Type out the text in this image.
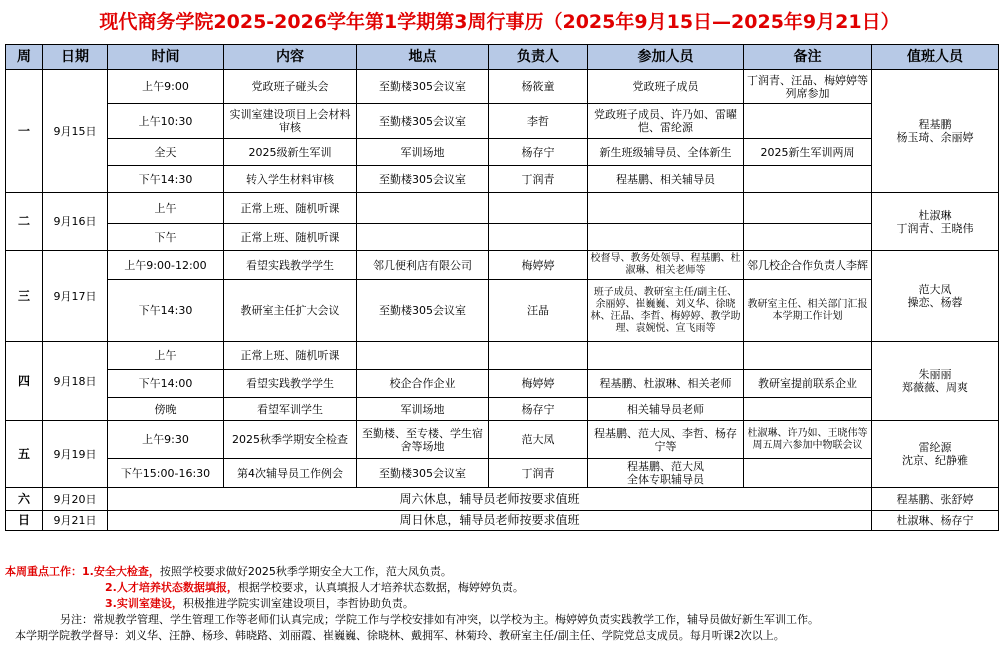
现代商务学院2025-2026学年第1学期第3周行事历（2025年9月15日—2025年9月21日）
周	日期	时间	内容	地点	负责人	参加人员	备注	值班人员
一	9月15日	上午9:00	党政班子碰头会	至勤楼305会议室	杨筱童	党政班子成员	丁润青、汪晶、梅婷婷等列席参加	程基鹏
杨玉琦、余丽婷
		上午10:30	实训室建设项目上会材料审核	至勤楼305会议室	李哲	党政班子成员、许乃如、雷曜恺、雷纶源		
		全天	2025级新生军训	军训场地	杨存宁	新生班级辅导员、全体新生	2025新生军训两周	
		下午14:30	转入学生材料审核	至勤楼305会议室	丁润青	程基鹏、相关辅导员		
二	9月16日	上午	正常上班、随机听课					杜淑琳
丁润青、王晓伟
		下午	正常上班、随机听课					
三	9月17日	上午9:00-12:00	看望实践教学学生	邻几便利店有限公司	梅婷婷	校督导、教务处领导、程基鹏、杜淑琳、相关老师等	邻几校企合作负责人李辉	范大凤
操恋、杨蓉
		下午14:30	教研室主任扩大会议	至勤楼305会议室	汪晶	班子成员、教研室主任/副主任、余丽婷、崔巍巍、刘义华、徐晓林、汪晶、李哲、梅婷婷、教学助理、袁婉悦、宣飞雨等	教研室主任、相关部门汇报本学期工作计划	
四	9月18日	上午	正常上班、随机听课					朱丽丽
郑薇薇、周爽
		下午14:00	看望实践教学学生	校企合作企业	梅婷婷	程基鹏、杜淑琳、相关老师	教研室提前联系企业	
		傍晚	看望军训学生	军训场地	杨存宁	相关辅导员老师		
五	9月19日	上午9:30	2025秋季学期安全检查	至勤楼、至专楼、学生宿舍等场地	范大凤	程基鹏、范大凤、李哲、杨存宁等	杜淑琳、许乃如、王晓伟等周五周六参加中物联会议	雷纶源
沈京、纪静雅
		下午15:00-16:30	第4次辅导员工作例会	至勤楼305会议室	丁润青	程基鹏、范大凤
全体专职辅导员		
六	9月20日	周六休息，辅导员老师按要求值班						程基鹏、张舒婷
日	9月21日	周日休息，辅导员老师按要求值班						杜淑琳、杨存宁
本周重点工作：1.安全大检查，按照学校要求做好2025秋季学期安全大工作，范大凤负责。
2.人才培养状态数据填报，根据学校要求，认真填报人才培养状态数据，梅婷婷负责。
3.实训室建设，积极推进学院实训室建设项目，李哲协助负责。
另注：常规教学管理、学生管理工作等老师们认真完成；学院工作与学校安排如有冲突，以学校为主。梅婷婷负责实践教学工作，辅导员做好新生军训工作。
本学期学院教学督导：刘义华、汪静、杨珍、韩晓路、刘丽霞、崔巍巍、徐晓林、戴拥军、林菊玲、教研室主任/副主任、学院党总支成员。每月听课2次以上。
